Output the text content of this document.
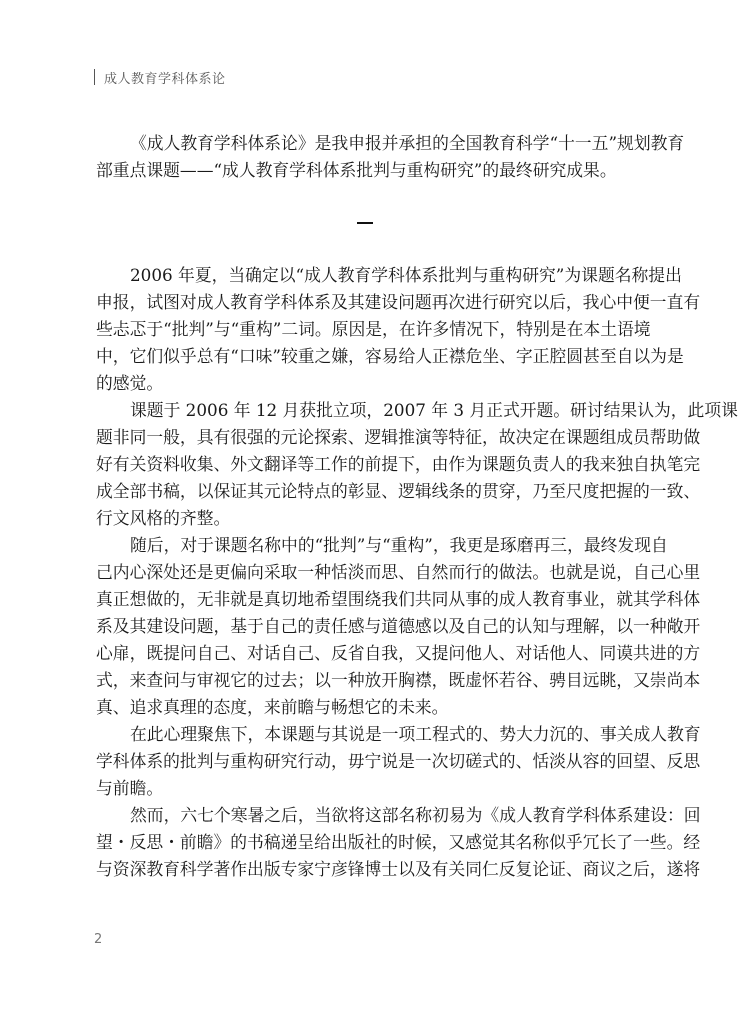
成人教育学科体系论
《成人教育学科体系论》是我申报并承担的全国教育科学“十一五”规划教育
部重点课题——“成人教育学科体系批判与重构研究”的最终研究成果。
2006 年夏，当确定以“成人教育学科体系批判与重构研究”为课题名称提出
申报，试图对成人教育学科体系及其建设问题再次进行研究以后，我心中便一直有
些忐忑于“批判”与“重构”二词。原因是，在许多情况下，特别是在本土语境
中，它们似乎总有“口味”较重之嫌，容易给人正襟危坐、字正腔圆甚至自以为是
的感觉。
课题于 2006 年 12 月获批立项，2007 年 3 月正式开题。研讨结果认为，此项课
题非同一般，具有很强的元论探索、逻辑推演等特征，故决定在课题组成员帮助做
好有关资料收集、外文翻译等工作的前提下，由作为课题负责人的我来独自执笔完
成全部书稿，以保证其元论特点的彰显、逻辑线条的贯穿，乃至尺度把握的一致、
行文风格的齐整。
随后，对于课题名称中的“批判”与“重构”，我更是琢磨再三，最终发现自
己内心深处还是更偏向采取一种恬淡而思、自然而行的做法。也就是说，自己心里
真正想做的，无非就是真切地希望围绕我们共同从事的成人教育事业，就其学科体
系及其建设问题，基于自己的责任感与道德感以及自己的认知与理解，以一种敞开
心扉，既提问自己、对话自己、反省自我，又提问他人、对话他人、同谟共进的方
式，来查问与审视它的过去；以一种放开胸襟，既虚怀若谷、骋目远眺，又崇尚本
真、追求真理的态度，来前瞻与畅想它的未来。
在此心理聚焦下，本课题与其说是一项工程式的、势大力沉的、事关成人教育
学科体系的批判与重构研究行动，毋宁说是一次切磋式的、恬淡从容的回望、反思
与前瞻。
然而，六七个寒暑之后，当欲将这部名称初易为《成人教育学科体系建设：回
望・反思・前瞻》的书稿递呈给出版社的时候，又感觉其名称似乎冗长了一些。经
与资深教育科学著作出版专家宁彦锋博士以及有关同仁反复论证、商议之后，遂将
2
